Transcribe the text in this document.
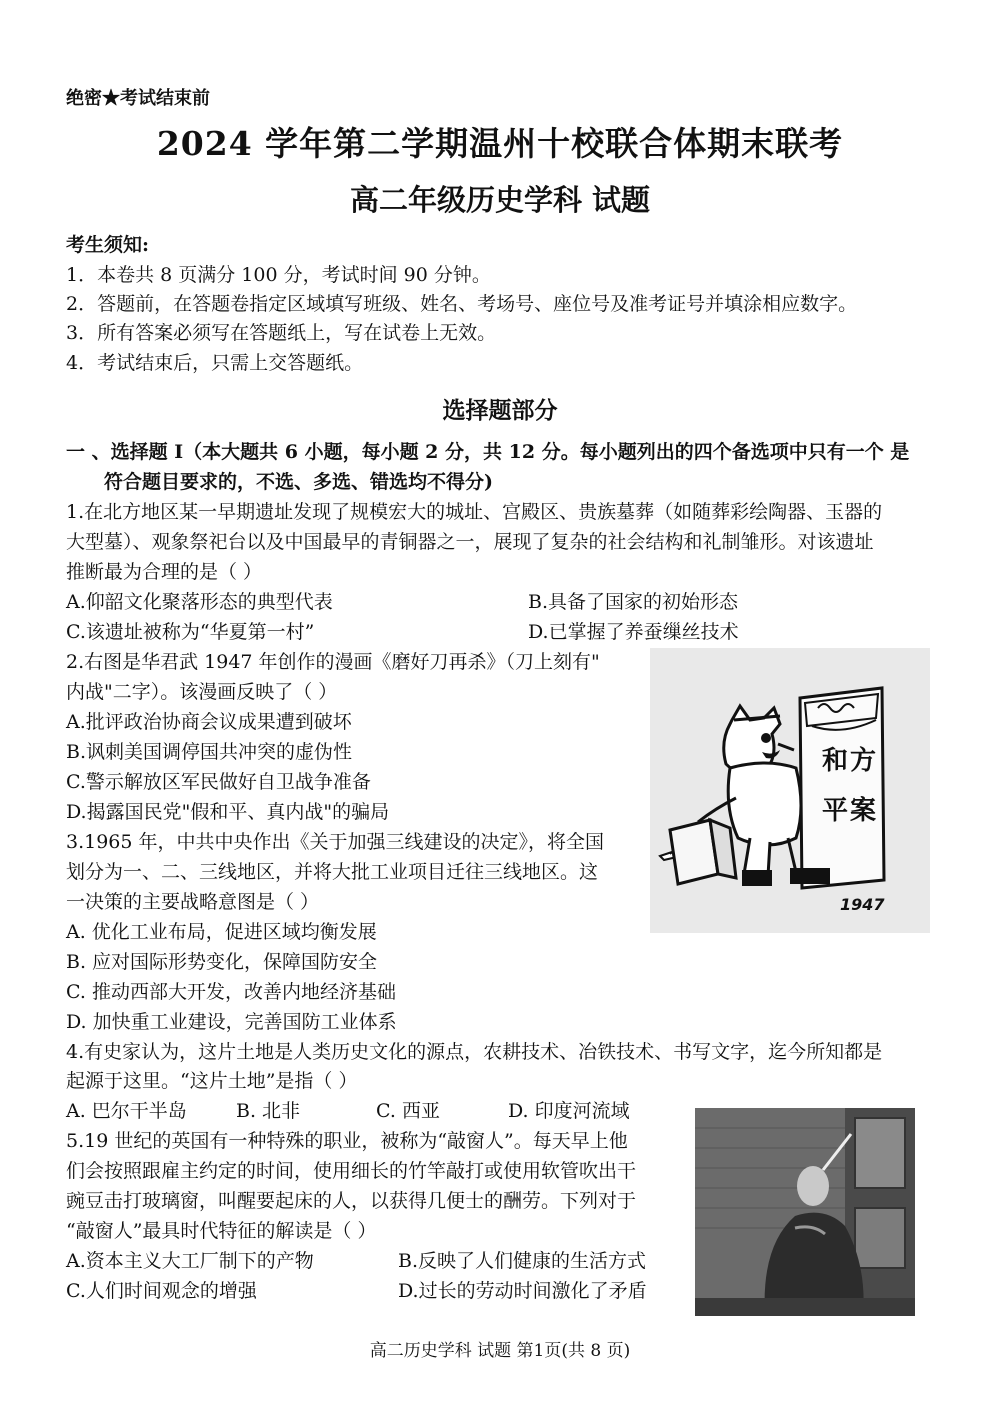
绝密★考试结束前
2024 学年第二学期温州十校联合体期末联考
高二年级历史学科 试题
考生须知:
1．本卷共 8 页满分 100 分，考试时间 90 分钟。
2．答题前，在答题卷指定区域填写班级、姓名、考场号、座位号及准考证号并填涂相应数字。
3．所有答案必须写在答题纸上，写在试卷上无效。
4．考试结束后，只需上交答题纸。
选择题部分
一 、选择题 I（本大题共 6 小题，每小题 2 分，共 12 分。每小题列出的四个备选项中只有一个 是
符合题目要求的，不选、多选、错选均不得分)
1.在北方地区某一早期遗址发现了规模宏大的城址、宫殿区、贵族墓葬（如随葬彩绘陶器、玉器的
大型墓）、观象祭祀台以及中国最早的青铜器之一，展现了复杂的社会结构和礼制雏形。对该遗址
推断最为合理的是（ ）
A.仰韶文化聚落形态的典型代表	B.具备了国家的初始形态
C.该遗址被称为“华夏第一村”	D.已掌握了养蚕缫丝技术
2.右图是华君武 1947 年创作的漫画《磨好刀再杀》（刀上刻有"
内战"二字）。该漫画反映了（ ）
A.批评政治协商会议成果遭到破坏
B.讽刺美国调停国共冲突的虚伪性
C.警示解放区军民做好自卫战争准备
D.揭露国民党"假和平、真内战"的骗局
1947
和方
平案
3.1965 年，中共中央作出《关于加强三线建设的决定》，将全国
划分为一、二、三线地区，并将大批工业项目迁往三线地区。这
一决策的主要战略意图是（ ）
A. 优化工业布局，促进区域均衡发展
B. 应对国际形势变化，保障国防安全
C. 推动西部大开发，改善内地经济基础
D. 加快重工业建设，完善国防工业体系
4.有史家认为，这片土地是人类历史文化的源点，农耕技术、冶铁技术、书写文字，迄今所知都是
起源于这里。“这片土地”是指（ ）
A. 巴尔干半岛	B. 北非	C. 西亚	D. 印度河流域
5.19 世纪的英国有一种特殊的职业，被称为“敲窗人”。每天早上他
们会按照跟雇主约定的时间，使用细长的竹竿敲打或使用软管吹出干
豌豆击打玻璃窗，叫醒要起床的人，以获得几便士的酬劳。下列对于
“敲窗人”最具时代特征的解读是（ ）
A.资本主义大工厂制下的产物	B.反映了人们健康的生活方式
C.人们时间观念的增强	D.过长的劳动时间激化了矛盾
高二历史学科 试题 第1页(共 8 页)
